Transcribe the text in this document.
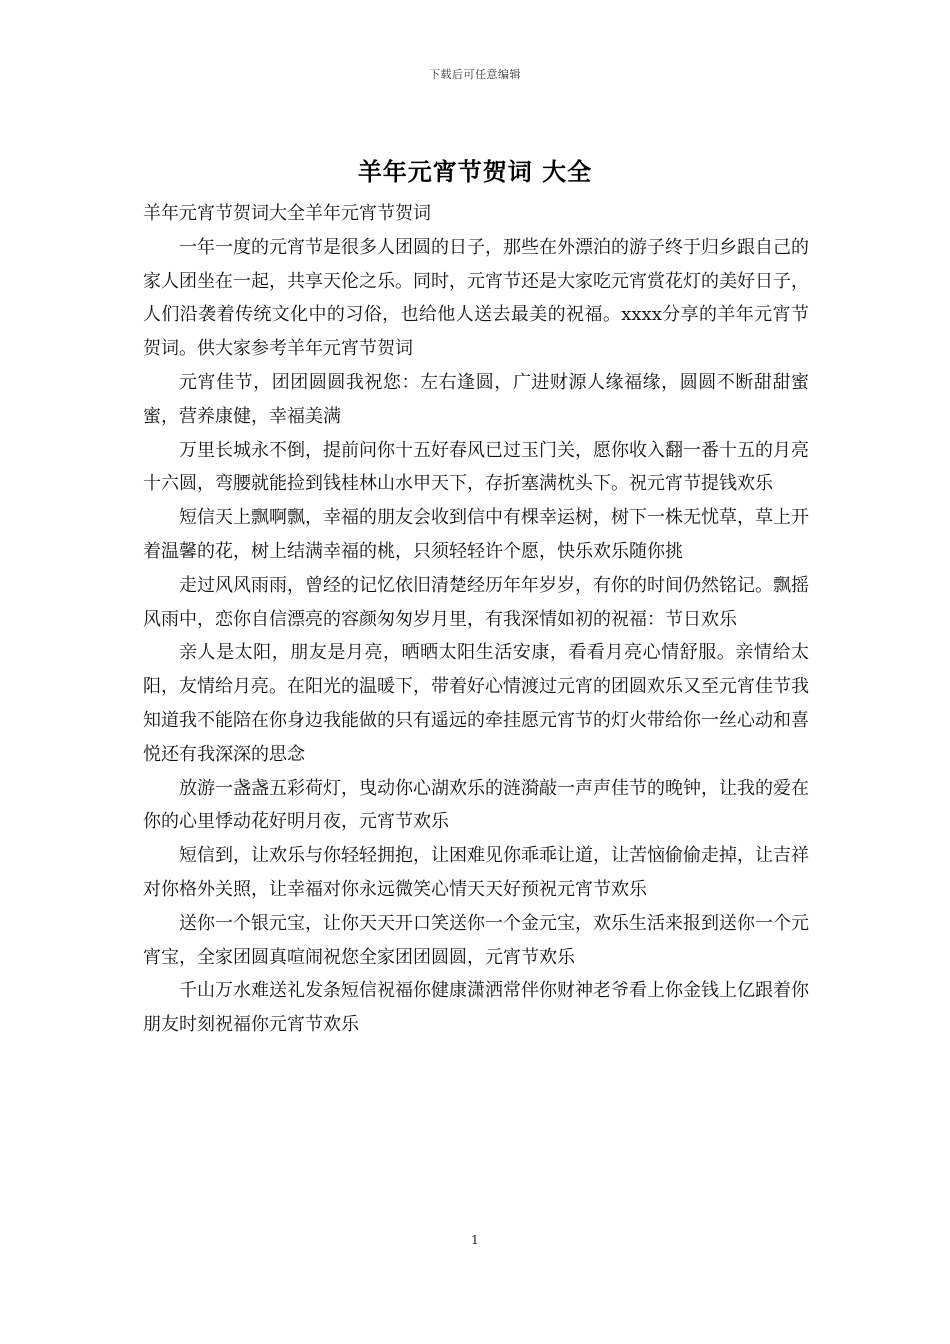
下载后可任意编辑
羊年元宵节贺词 大全

羊年元宵节贺词大全羊年元宵节贺词

一年一度的元宵节是很多人团圆的日子，那些在外漂泊的游子终于归乡跟自己的家人团坐在一起，共享天伦之乐。同时，元宵节还是大家吃元宵赏花灯的美好日子，人们沿袭着传统文化中的习俗，也给他人送去最美的祝福。xxxx分享的羊年元宵节贺词。供大家参考羊年元宵节贺词

元宵佳节，团团圆圆我祝您：左右逢圆，广进财源人缘福缘，圆圆不断甜甜蜜蜜，营养康健，幸福美满

万里长城永不倒，提前问你十五好春风已过玉门关，愿你收入翻一番十五的月亮十六圆，弯腰就能捡到钱桂林山水甲天下，存折塞满枕头下。祝元宵节提钱欢乐

短信天上飘啊飘，幸福的朋友会收到信中有棵幸运树，树下一株无忧草，草上开着温馨的花，树上结满幸福的桃，只须轻轻许个愿，快乐欢乐随你挑

走过风风雨雨，曾经的记忆依旧清楚经历年年岁岁，有你的时间仍然铭记。飘摇风雨中，恋你自信漂亮的容颜匆匆岁月里，有我深情如初的祝福：节日欢乐

亲人是太阳，朋友是月亮，晒晒太阳生活安康，看看月亮心情舒服。亲情给太阳，友情给月亮。在阳光的温暖下，带着好心情渡过元宵的团圆欢乐又至元宵佳节我知道我不能陪在你身边我能做的只有遥远的牵挂愿元宵节的灯火带给你一丝心动和喜悦还有我深深的思念

放游一盏盏五彩荷灯，曳动你心湖欢乐的涟漪敲一声声佳节的晚钟，让我的爱在你的心里悸动花好明月夜，元宵节欢乐

短信到，让欢乐与你轻轻拥抱，让困难见你乖乖让道，让苦恼偷偷走掉，让吉祥对你格外关照，让幸福对你永远微笑心情天天好预祝元宵节欢乐

送你一个银元宝，让你天天开口笑送你一个金元宝，欢乐生活来报到送你一个元宵宝，全家团圆真喧闹祝您全家团团圆圆，元宵节欢乐

千山万水难送礼发条短信祝福你健康潇洒常伴你财神老爷看上你金钱上亿跟着你朋友时刻祝福你元宵节欢乐

1
